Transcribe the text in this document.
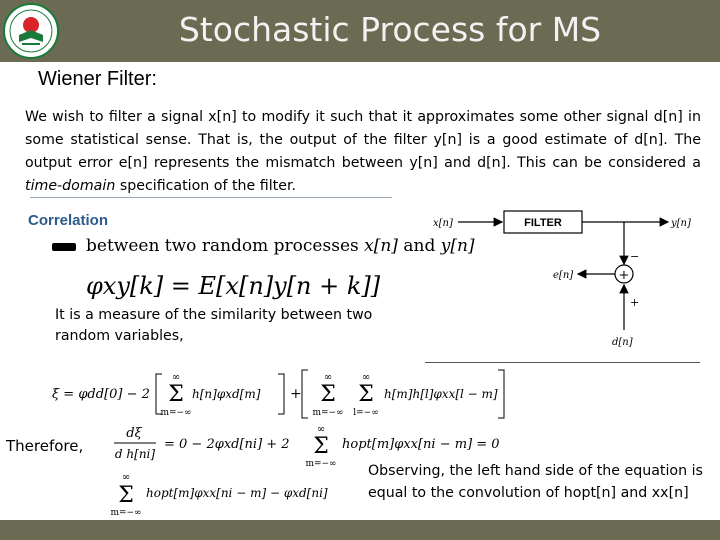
Stochastic Process for MS
Wiener Filter:
We wish to filter a signal x[n] to modify it such that it approximates some other signal d[n] in some statistical sense. That is, the output of the filter y[n] is a good estimate of d[n]. The output error e[n] represents the mismatch between y[n] and d[n]. This can be considered a time-domain specification of the filter.
Correlation
between two random processes x[n] and y[n]
φxy[k] = E[x[n]y[n + k]]
It is a measure of the similarity between two random variables,
x[n]	FILTER	y[n]
−
+
e[n]
+
d[n]
ξ = φdd[0] − 2
∞
Σ
m=−∞
h[n]φxd[m] +
∞
Σ
m=−∞
∞
Σ
l=−∞
h[m]h[l]φxx[l − m]
Therefore,
dξ
d h[ni]
= 0 − 2φxd[ni] + 2
∞
Σ
m=−∞
hopt[m]φxx[ni − m] = 0
∞
Σ
m=−∞
hopt[m]φxx[ni − m] − φxd[ni]
Observing, the left hand side of the equation is equal to the convolution of hopt[n] and xx[n]
